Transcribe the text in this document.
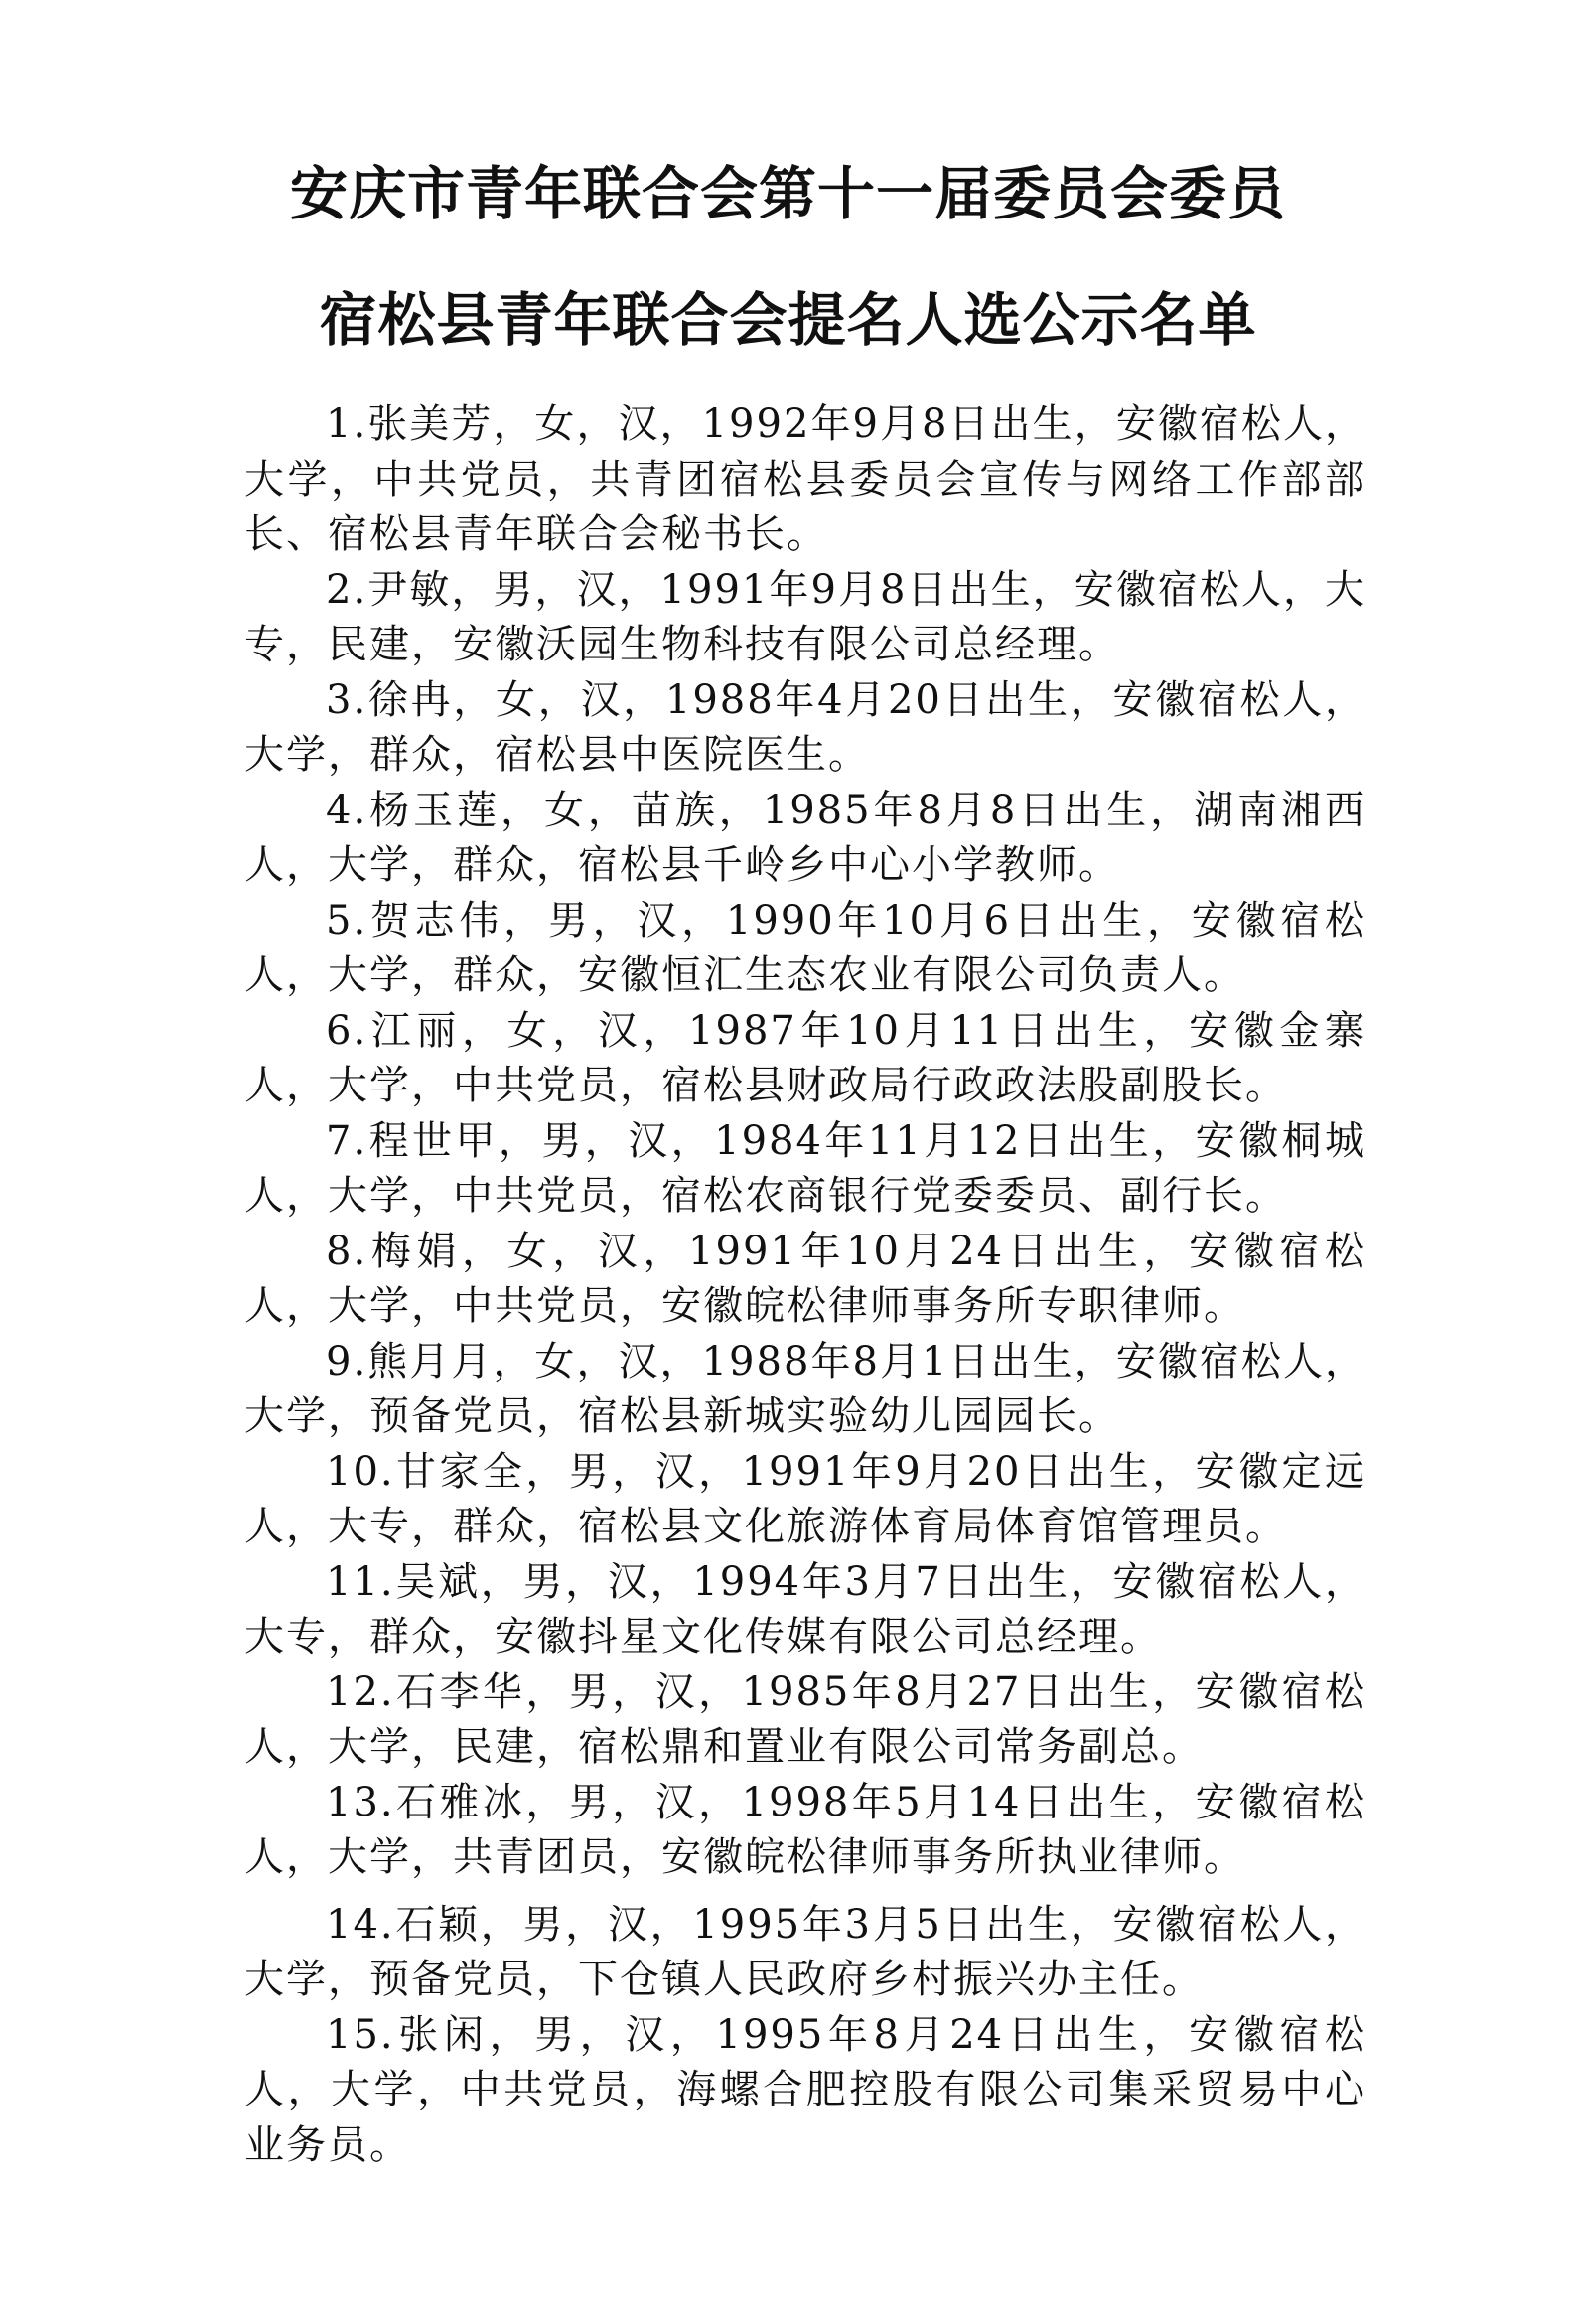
安庆市青年联合会第十一届委员会委员
宿松县青年联合会提名人选公示名单

1.张美芳，女，汉，1992年9月8日出生，安徽宿松人，大学，中共党员，共青团宿松县委员会宣传与网络工作部部长、宿松县青年联合会秘书长。

2.尹敏，男，汉，1991年9月8日出生，安徽宿松人，大专，民建，安徽沃园生物科技有限公司总经理。

3.徐冉，女，汉，1988年4月20日出生，安徽宿松人，大学，群众，宿松县中医院医生。

4.杨玉莲，女，苗族，1985年8月8日出生，湖南湘西人，大学，群众，宿松县千岭乡中心小学教师。

5.贺志伟，男，汉，1990年10月6日出生，安徽宿松人，大学，群众，安徽恒汇生态农业有限公司负责人。

6.江丽，女，汉，1987年10月11日出生，安徽金寨人，大学，中共党员，宿松县财政局行政政法股副股长。

7.程世甲，男，汉，1984年11月12日出生，安徽桐城人，大学，中共党员，宿松农商银行党委委员、副行长。

8.梅娟，女，汉，1991年10月24日出生，安徽宿松人，大学，中共党员，安徽皖松律师事务所专职律师。

9.熊月月，女，汉，1988年8月1日出生，安徽宿松人，大学，预备党员，宿松县新城实验幼儿园园长。

10.甘家全，男，汉，1991年9月20日出生，安徽定远人，大专，群众，宿松县文化旅游体育局体育馆管理员。

11.吴斌，男，汉，1994年3月7日出生，安徽宿松人，大专，群众，安徽抖星文化传媒有限公司总经理。

12.石李华，男，汉，1985年8月27日出生，安徽宿松人，大学，民建，宿松鼎和置业有限公司常务副总。

13.石雅冰，男，汉，1998年5月14日出生，安徽宿松人，大学，共青团员，安徽皖松律师事务所执业律师。

14.石颖，男，汉，1995年3月5日出生，安徽宿松人，大学，预备党员，下仓镇人民政府乡村振兴办主任。

15.张闲，男，汉，1995年8月24日出生，安徽宿松人，大学，中共党员，海螺合肥控股有限公司集采贸易中心业务员。
